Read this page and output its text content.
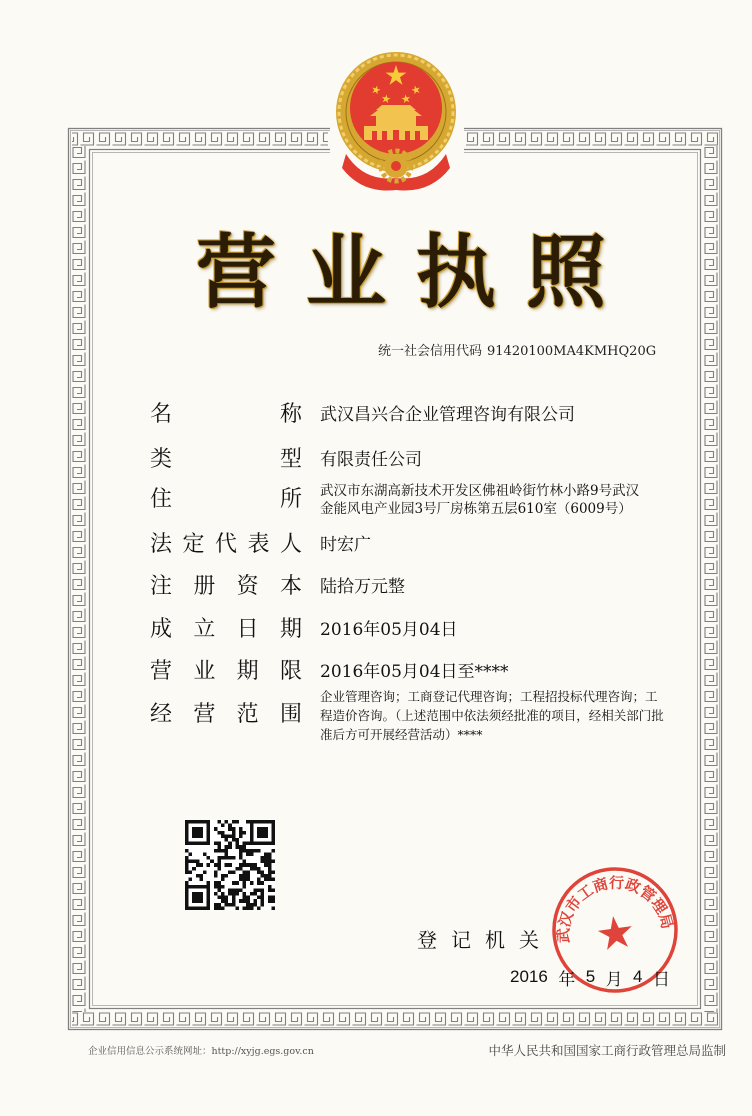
营 业 执 照
统一社会信用代码 91420100MA4KMHQ20G
名	称 武汉昌兴合企业管理咨询有限公司
类	型 有限责任公司
住	所 武汉市东湖高新技术开发区佛祖岭街竹林小路9号武汉
金能风电产业园3号厂房栋第五层610室（6009号）
法 定 代 表 人 时宏广
注 册 资 本 陆拾万元整
成 立 日 期 2016年05月04日
营 业 期 限 2016年05月04日至****
经 营 范 围
企业管理咨询；工商登记代理咨询；工程招投标代理咨询；工
程造价咨询。（上述范围中依法须经批准的项目，经相关部门批
准后方可开展经营活动）****
登 记 机 关
2016 年 5 月 4 日
武汉市工商行政管理局
企业信用信息公示系统网址：http://xyjg.egs.gov.cn	中华人民共和国国家工商行政管理总局监制
